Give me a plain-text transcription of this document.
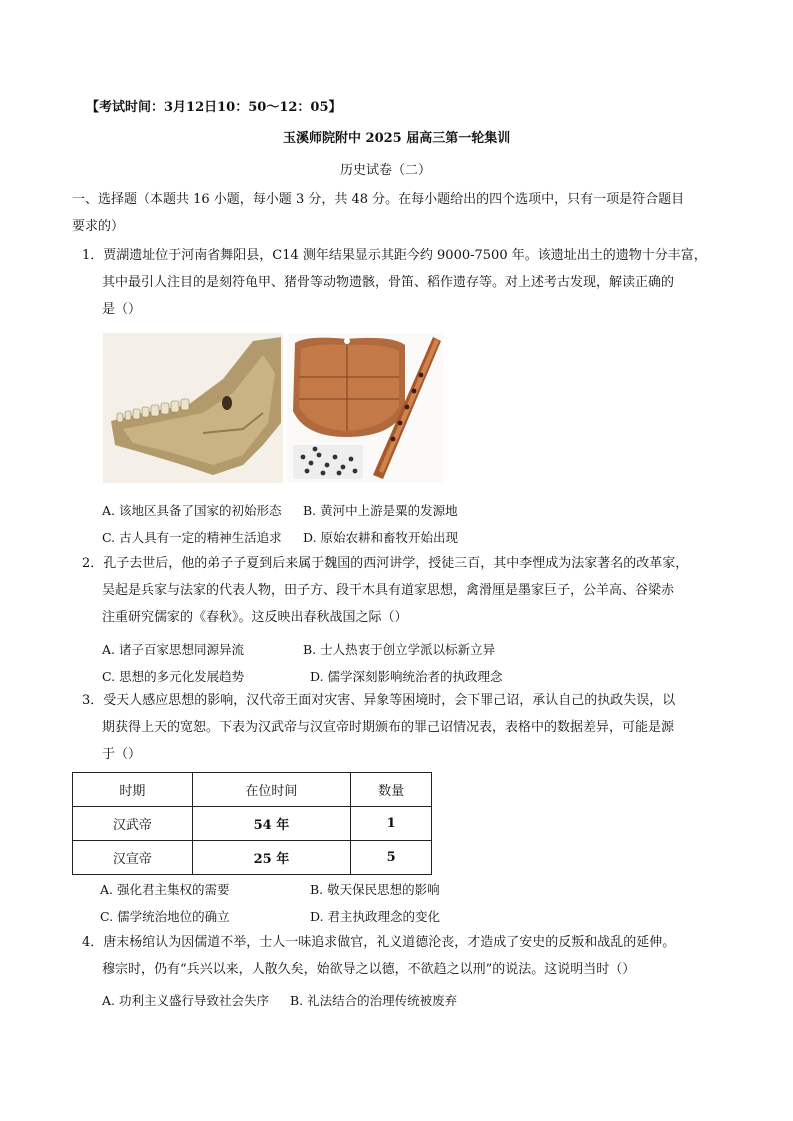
【考试时间：3月12日10：50～12：05】
玉溪师院附中 2025 届高三第一轮集训
历史试卷（二）
一、选择题（本题共 16 小题，每小题 3 分，共 48 分。在每小题给出的四个选项中，只有一项是符合题目
要求的）
1．贾湖遗址位于河南省舞阳县，C14 测年结果显示其距今约 9000-7500 年。该遗址出土的遗物十分丰富，
其中最引人注目的是刻符龟甲、猪骨等动物遗骸，骨笛、稻作遗存等。对上述考古发现，解读正确的
是（）
A. 该地区具备了国家的初始形态 B. 黄河中上游是粟的发源地
C. 古人具有一定的精神生活追求 D. 原始农耕和畜牧开始出现
2．孔子去世后，他的弟子子夏到后来属于魏国的西河讲学，授徒三百，其中李悝成为法家著名的改革家，
吴起是兵家与法家的代表人物，田子方、段干木具有道家思想，禽滑厘是墨家巨子，公羊高、谷梁赤
注重研究儒家的《春秋》。这反映出春秋战国之际（）
A. 诸子百家思想同源异流	B. 士人热衷于创立学派以标新立异
C. 思想的多元化发展趋势	D. 儒学深刻影响统治者的执政理念
3．受天人感应思想的影响，汉代帝王面对灾害、异象等困境时，会下罪己诏，承认自己的执政失误，以
期获得上天的宽恕。下表为汉武帝与汉宣帝时期颁布的罪己诏情况表，表格中的数据差异，可能是源
于（）
时期	在位时间	数量
汉武帝	54 年	1
汉宣帝	25 年	5
A. 强化君主集权的需要	B. 敬天保民思想的影响
C. 儒学统治地位的确立	D. 君主执政理念的变化
4．唐末杨绾认为因儒道不举，士人一味追求做官，礼义道德沦丧，才造成了安史的反叛和战乱的延伸。
穆宗时，仍有“兵兴以来，人散久矣，始欲导之以德，不欲趋之以刑”的说法。这说明当时（）
A. 功利主义盛行导致社会失序 B. 礼法结合的治理传统被废弃
